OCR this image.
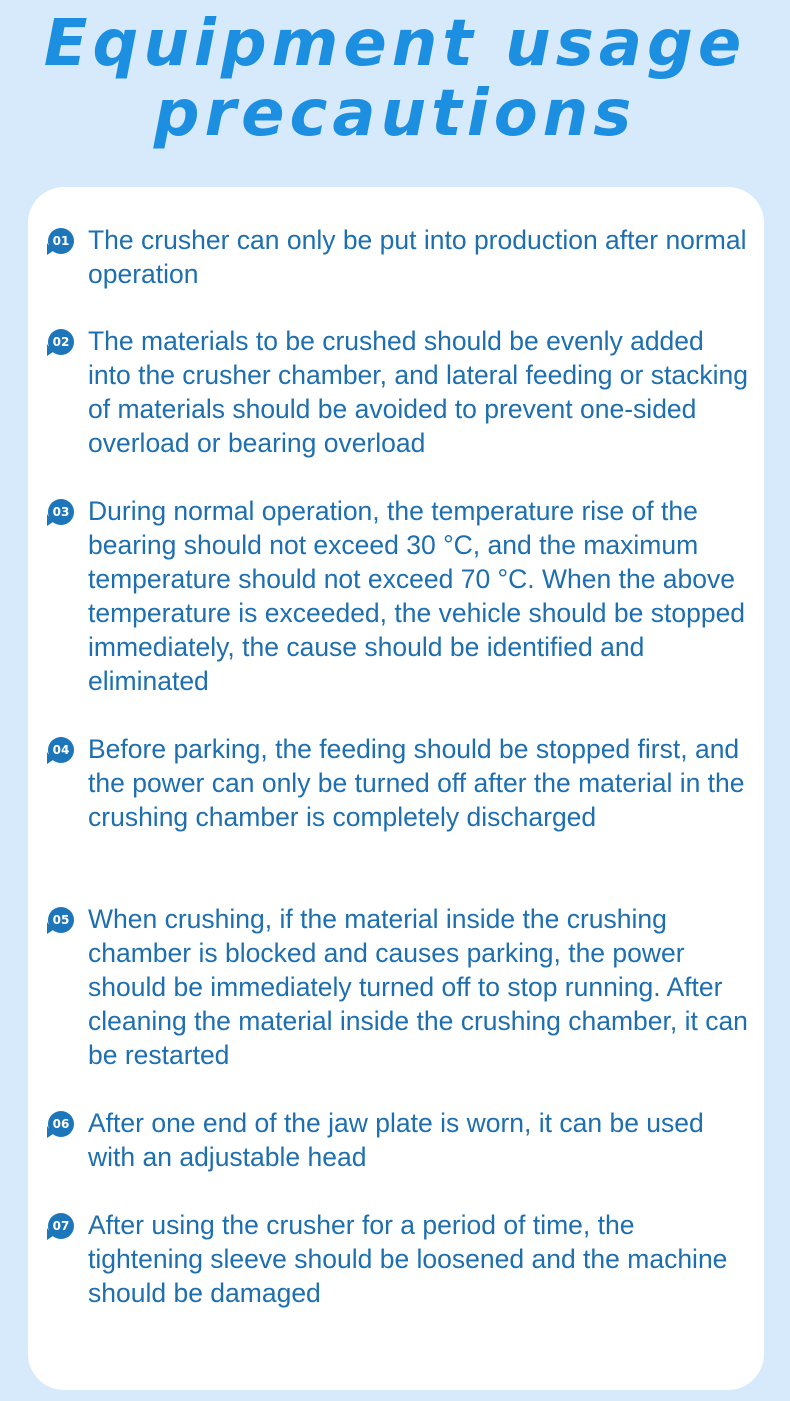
Equipment usage
precautions
01 The crusher can only be put into production after normal operation

02 The materials to be crushed should be evenly added into the crusher chamber, and lateral feeding or stacking of materials should be avoided to prevent one-sided overload or bearing overload

03 During normal operation, the temperature rise of the bearing should not exceed 30 °C, and the maximum temperature should not exceed 70 °C. When the above temperature is exceeded, the vehicle should be stopped immediately, the cause should be identified and eliminated

04 Before parking, the feeding should be stopped first, and the power can only be turned off after the material in the crushing chamber is completely discharged

05 When crushing, if the material inside the crushing chamber is blocked and causes parking, the power should be immediately turned off to stop running. After cleaning the material inside the crushing chamber, it can be restarted

06 After one end of the jaw plate is worn, it can be used with an adjustable head

07 After using the crusher for a period of time, the tightening sleeve should be loosened and the machine should be damaged
